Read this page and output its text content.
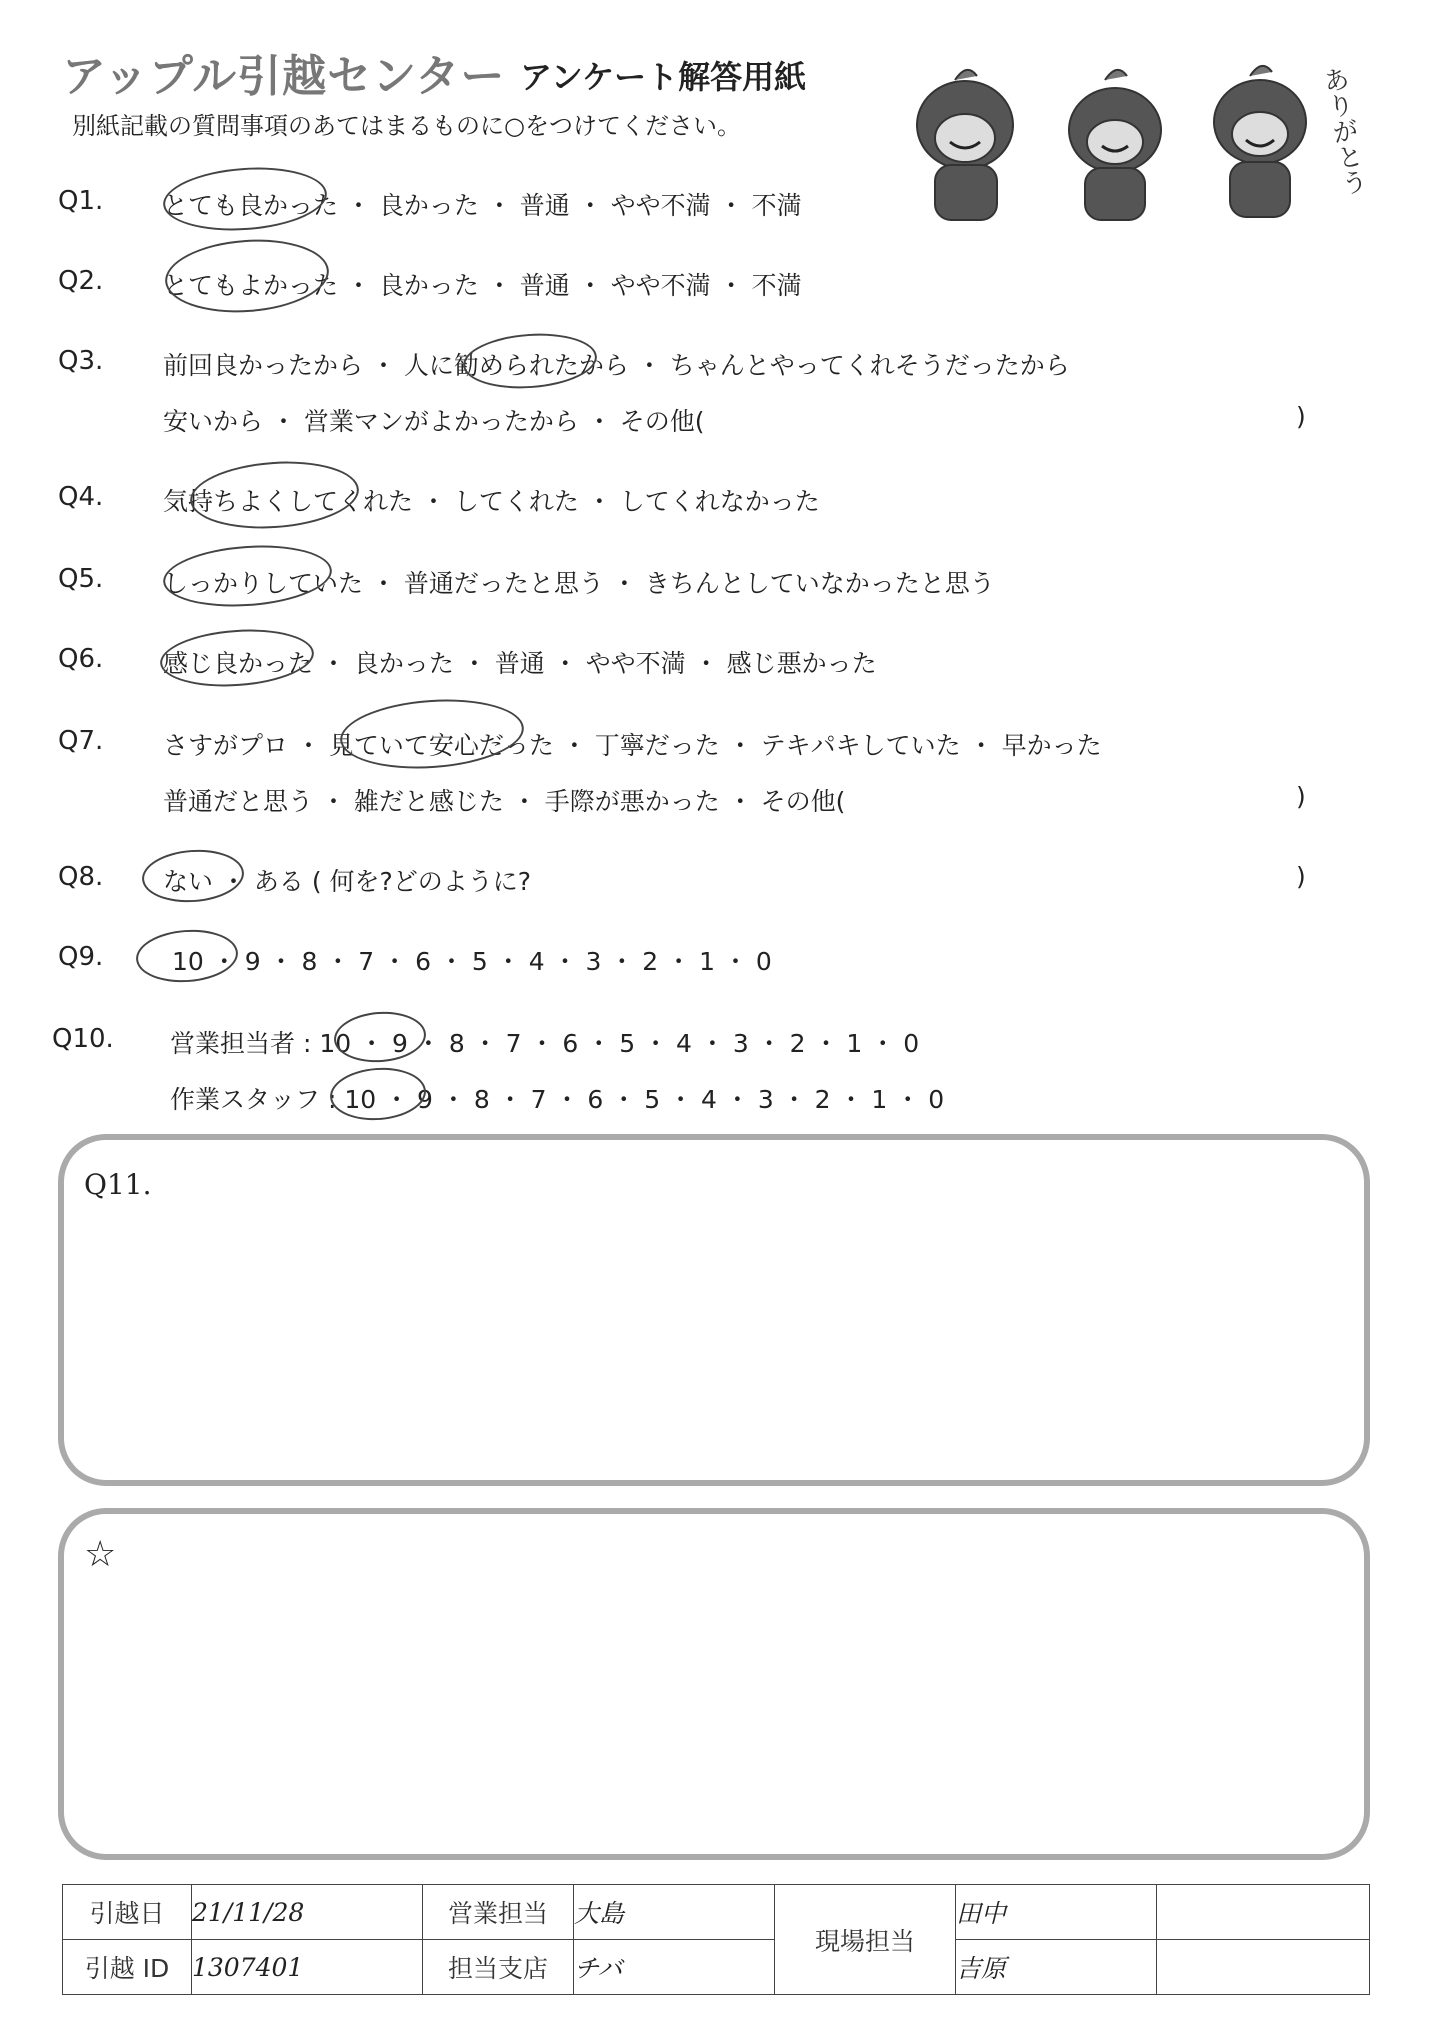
アップル引越センター アンケート解答用紙
別紙記載の質問事項のあてはまるものに○をつけてください。	ありがとう
Q1. とても良かった ・ 良かった ・ 普通 ・ やや不満 ・ 不満
Q2. とてもよかった ・ 良かった ・ 普通 ・ やや不満 ・ 不満
Q3. 前回良かったから ・ 人に勧められたから ・ ちゃんとやってくれそうだったから
安いから ・ 営業マンがよかったから ・ その他(	)
Q4. 気持ちよくしてくれた ・ してくれた ・ してくれなかった
Q5. しっかりしていた ・ 普通だったと思う ・ きちんとしていなかったと思う
Q6. 感じ良かった ・ 良かった ・ 普通 ・ やや不満 ・ 感じ悪かった
Q7. さすがプロ ・ 見ていて安心だった ・ 丁寧だった ・ テキパキしていた ・ 早かった
普通だと思う ・ 雑だと感じた ・ 手際が悪かった ・ その他(	)
Q8. ない ・ ある ( 何を?どのように?	)
Q9.	10 ・ 9 ・ 8 ・ 7 ・ 6 ・ 5 ・ 4 ・ 3 ・ 2 ・ 1 ・ 0
Q10. 営業担当者 : 10 ・ 9 ・ 8 ・ 7 ・ 6 ・ 5 ・ 4 ・ 3 ・ 2 ・ 1 ・ 0
作業スタッフ : 10 ・ 9 ・ 8 ・ 7 ・ 6 ・ 5 ・ 4 ・ 3 ・ 2 ・ 1 ・ 0
Q11.
☆
引越日	21/11/28	営業担当	大島	現場担当	田中	
引越 ID	1307401	担当支店	チバ		吉原	
